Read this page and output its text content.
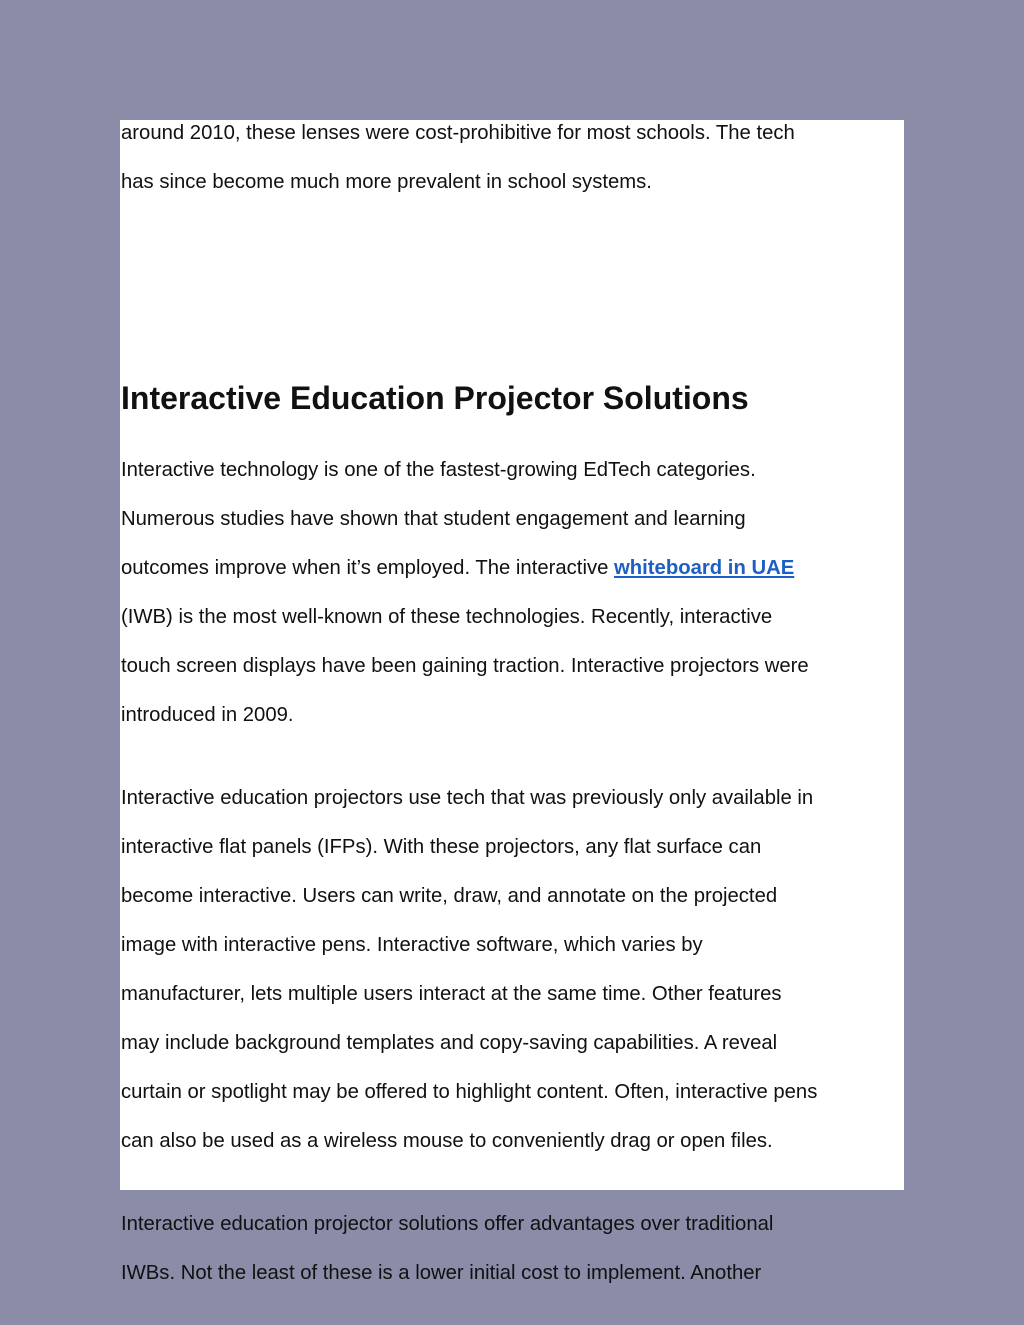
around 2010, these lenses were cost-prohibitive for most schools. The tech
has since become much more prevalent in school systems.
Interactive Education Projector Solutions
Interactive technology is one of the fastest-growing EdTech categories.
Numerous studies have shown that student engagement and learning
outcomes improve when it’s employed. The interactive whiteboard in UAE
(IWB) is the most well-known of these technologies. Recently, interactive
touch screen displays have been gaining traction. Interactive projectors were
introduced in 2009.
Interactive education projectors use tech that was previously only available in
interactive flat panels (IFPs). With these projectors, any flat surface can
become interactive. Users can write, draw, and annotate on the projected
image with interactive pens. Interactive software, which varies by
manufacturer, lets multiple users interact at the same time. Other features
may include background templates and copy-saving capabilities. A reveal
curtain or spotlight may be offered to highlight content. Often, interactive pens
can also be used as a wireless mouse to conveniently drag or open files.
Interactive education projector solutions offer advantages over traditional
IWBs. Not the least of these is a lower initial cost to implement. Another
